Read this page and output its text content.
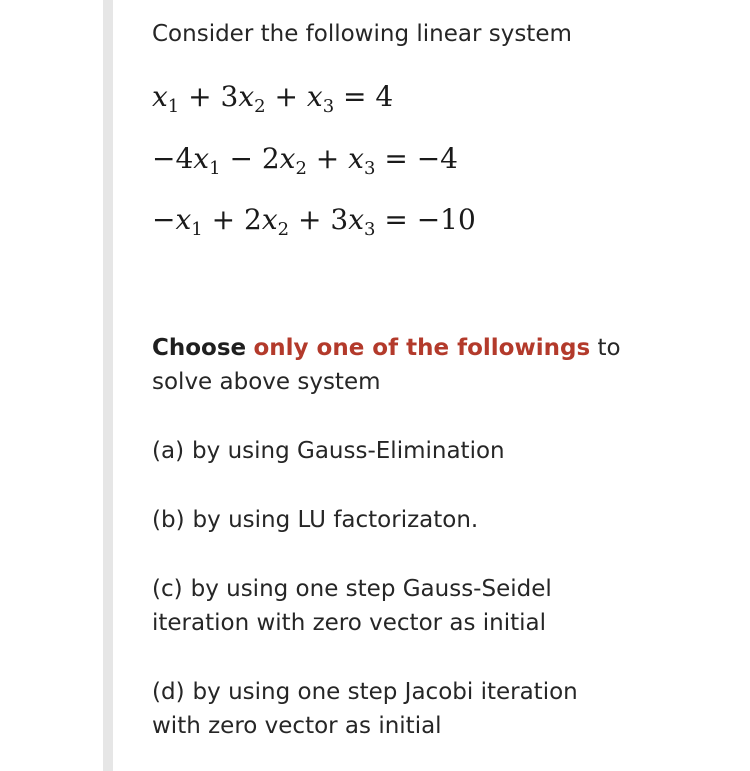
Consider the following linear system
$x_1 + 3x_2 + x_3 = 4$
$-4x_1 - 2x_2 + x_3 = -4$
$-x_1 + 2x_2 + 3x_3 = -10$
Choose only one of the followings to solve above system
(a) by using Gauss-Elimination
(b) by using LU factorizaton.
(c) by using one step Gauss-Seidel iteration with zero vector as initial
(d) by using one step Jacobi iteration with zero vector as initial
